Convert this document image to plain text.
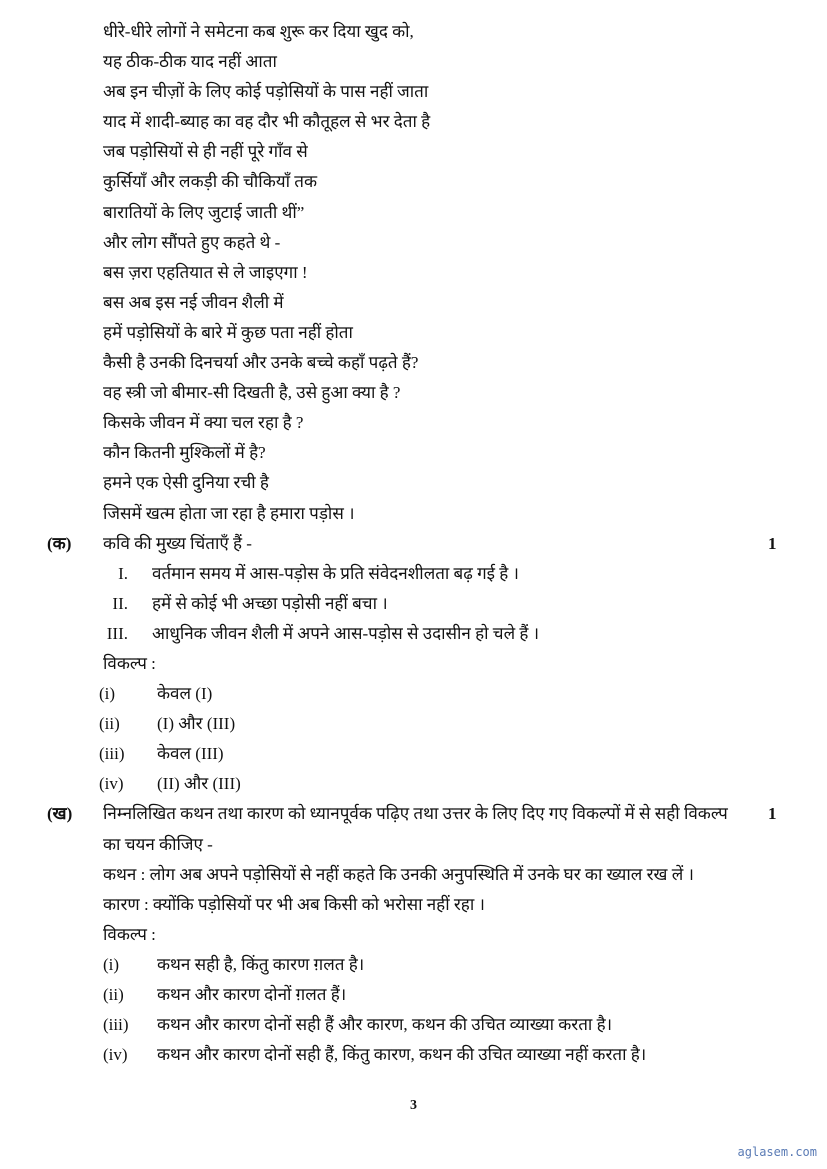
धीरे-धीरे लोगों ने समेटना कब शुरू कर दिया खुद को,
यह ठीक-ठीक याद नहीं आता
अब इन चीज़ों के लिए कोई पड़ोसियों के पास नहीं जाता
याद में शादी-ब्याह का वह दौर भी कौतूहल से भर देता है
जब पड़ोसियों से ही नहीं पूरे गाँव से
कुर्सियाँ और लकड़ी की चौकियाँ तक
बारातियों के लिए जुटाई जाती थीं”
और लोग सौंपते हुए कहते थे -
बस ज़रा एहतियात से ले जाइएगा !
बस अब इस नई जीवन शैली में
हमें पड़ोसियों के बारे में कुछ पता नहीं होता
कैसी है उनकी दिनचर्या और उनके बच्चे कहाँ पढ़ते हैं?
वह स्त्री जो बीमार-सी दिखती है, उसे हुआ क्या है ?
किसके जीवन में क्या चल रहा है ?
कौन कितनी मुश्किलों में है?
हमने एक ऐसी दुनिया रची है
जिसमें खत्म होता जा रहा है हमारा पड़ोस ।
(क) कवि की मुख्य चिंताएँ हैं -	1
I. वर्तमान समय में आस-पड़ोस के प्रति संवेदनशीलता बढ़ गई है ।
II. हमें से कोई भी अच्छा पड़ोसी नहीं बचा ।
III. आधुनिक जीवन शैली में अपने आस-पड़ोस से उदासीन हो चले हैं ।
विकल्प :
(i) केवल (I)
(ii) (I) और (III)
(iii) केवल (III)
(iv) (II) और (III)
(ख) निम्नलिखित कथन तथा कारण को ध्यानपूर्वक पढ़िए तथा उत्तर के लिए दिए गए विकल्पों में से सही विकल्प 1
का चयन कीजिए -
कथन : लोग अब अपने पड़ोसियों से नहीं कहते कि उनकी अनुपस्थिति में उनके घर का ख्याल रख लें ।
कारण : क्योंकि पड़ोसियों पर भी अब किसी को भरोसा नहीं रहा ।
विकल्प :
(i) कथन सही है, किंतु कारण ग़लत है।
(ii) कथन और कारण दोनों ग़लत हैं।
(iii) कथन और कारण दोनों सही हैं और कारण, कथन की उचित व्याख्या करता है।
(iv) कथन और कारण दोनों सही हैं, किंतु कारण, कथन की उचित व्याख्या नहीं करता है।
3
aglasem.com
